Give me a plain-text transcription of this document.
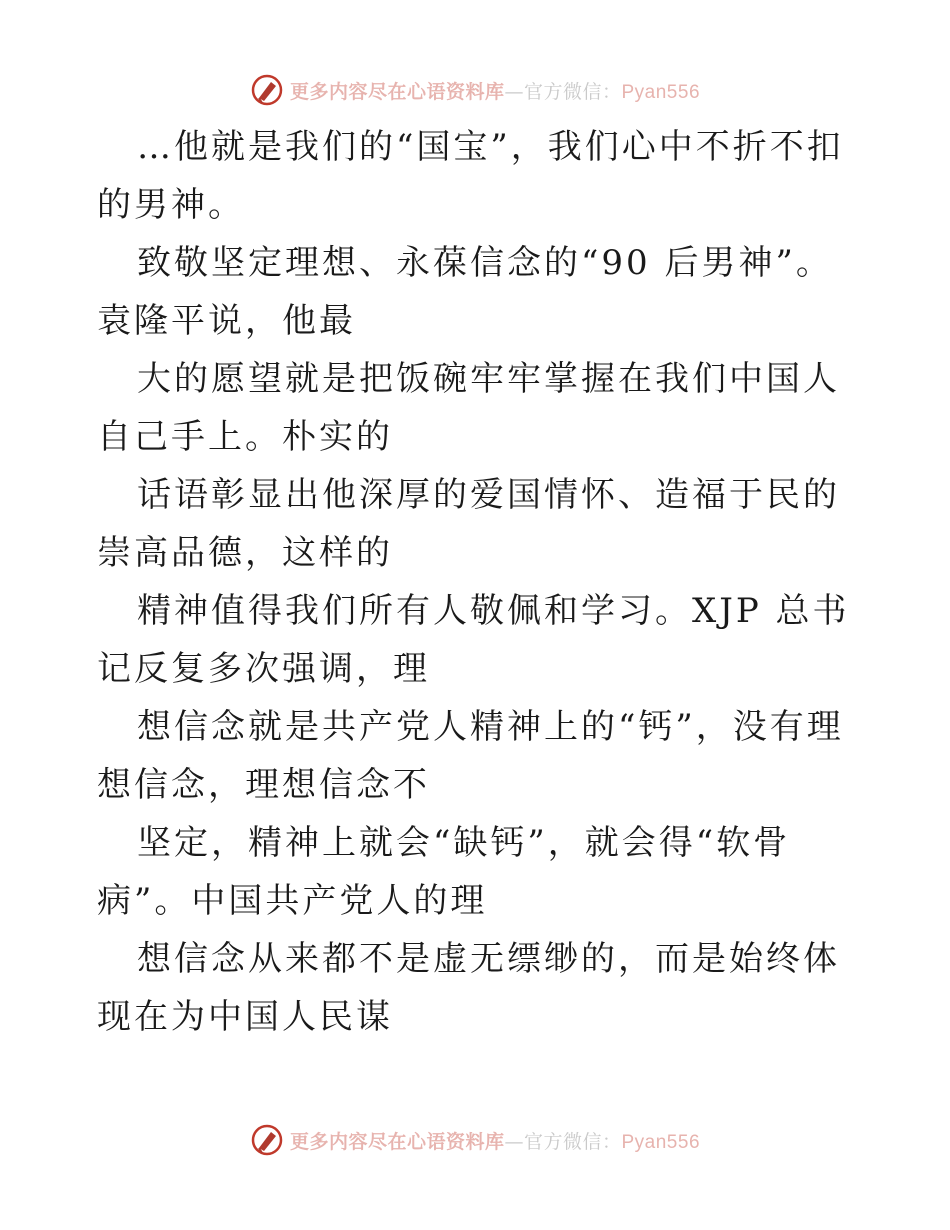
更多内容尽在心语资料库—官方微信：Pyan556

…他就是我们的“国宝”，我们心中不折不扣的男神。

致敬坚定理想、永葆信念的“90 后男神”。袁隆平说，他最

大的愿望就是把饭碗牢牢掌握在我们中国人自己手上。朴实的

话语彰显出他深厚的爱国情怀、造福于民的崇高品德，这样的

精神值得我们所有人敬佩和学习。XJP 总书记反复多次强调，理

想信念就是共产党人精神上的“钙”，没有理想信念，理想信念不

坚定，精神上就会“缺钙”，就会得“软骨病”。中国共产党人的理

想信念从来都不是虚无缥缈的，而是始终体现在为中国人民谋

更多内容尽在心语资料库—官方微信：Pyan556
